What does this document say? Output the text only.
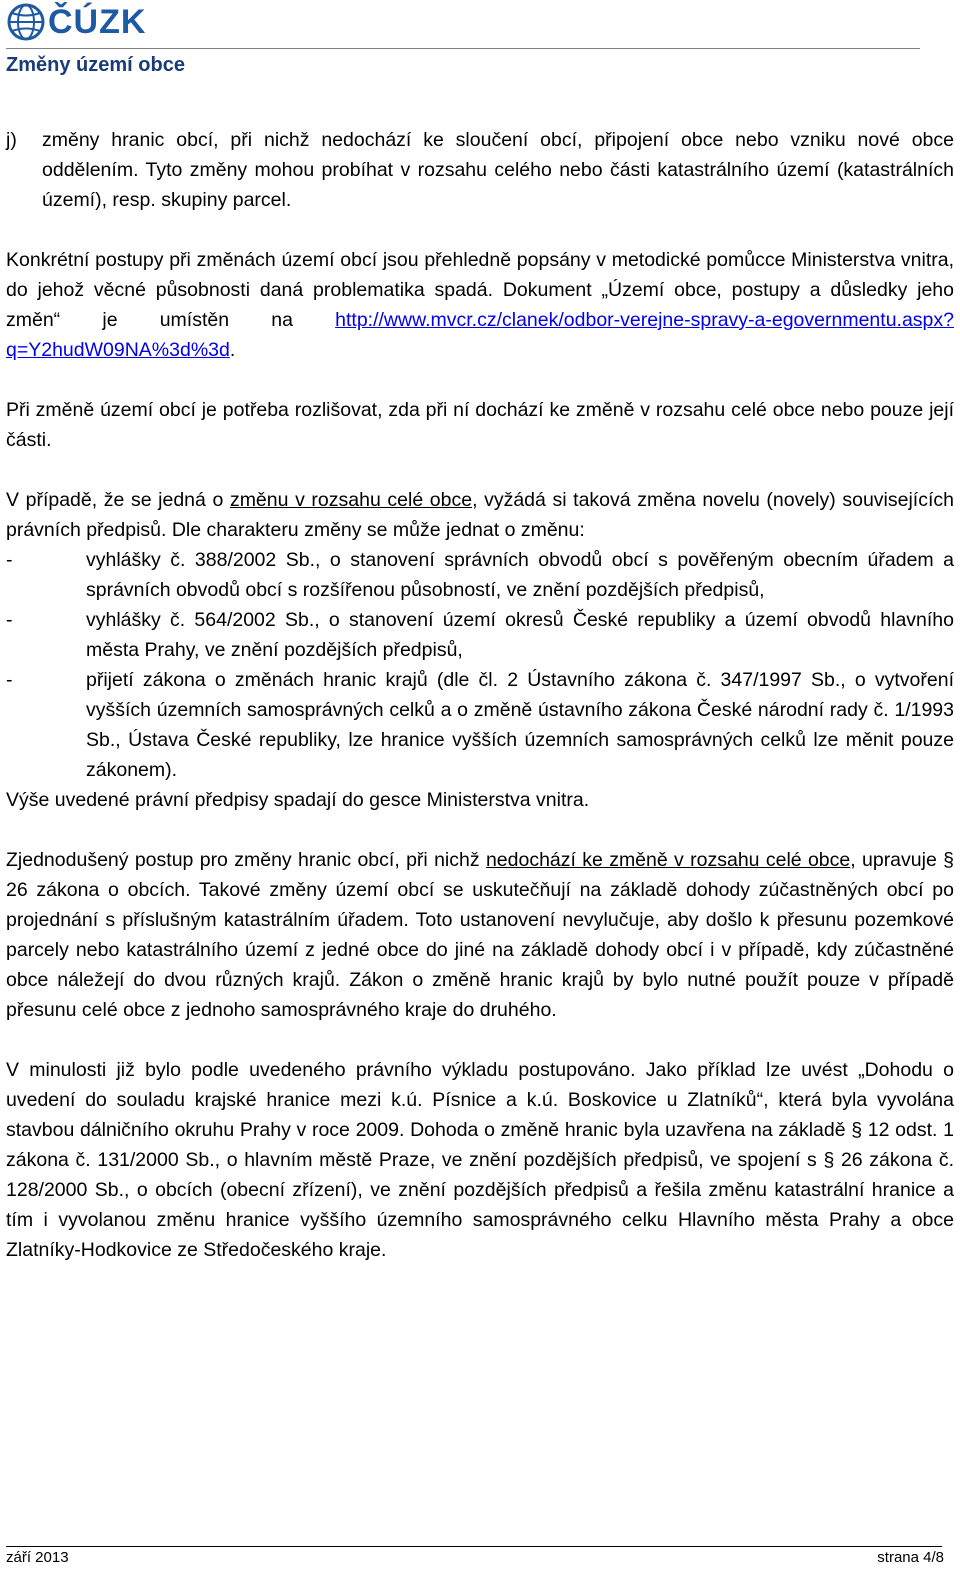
ČÚZK
Změny území obce
j)	změny hranic obcí, při nichž nedochází ke sloučení obcí, připojení obce nebo vzniku nové obce oddělením. Tyto změny mohou probíhat v rozsahu celého nebo části katastrálního území (katastrálních území), resp. skupiny parcel.

Konkrétní postupy při změnách území obcí jsou přehledně popsány v metodické pomůcce Ministerstva vnitra, do jehož věcné působnosti daná problematika spadá. Dokument „Území obce, postupy a důsledky jeho změn“ je umístěn na http://www.mvcr.cz/clanek/odbor-verejne-spravy-a-egovernmentu.aspx?q=Y2hudW09NA%3d%3d.

Při změně území obcí je potřeba rozlišovat, zda při ní dochází ke změně v rozsahu celé obce nebo pouze její části.

V případě, že se jedná o změnu v rozsahu celé obce, vyžádá si taková změna novelu (novely) souvisejících právních předpisů. Dle charakteru změny se může jednat o změnu:

-	vyhlášky č. 388/2002 Sb., o stanovení správních obvodů obcí s pověřeným obecním úřadem a správních obvodů obcí s rozšířenou působností, ve znění pozdějších předpisů,
-	vyhlášky č. 564/2002 Sb., o stanovení území okresů České republiky a území obvodů hlavního města Prahy, ve znění pozdějších předpisů,
-	přijetí zákona o změnách hranic krajů (dle čl. 2 Ústavního zákona č. 347/1997 Sb., o vytvoření vyšších územních samosprávných celků a o změně ústavního zákona České národní rady č. 1/1993 Sb., Ústava České republiky, lze hranice vyšších územních samosprávných celků lze měnit pouze zákonem).

Výše uvedené právní předpisy spadají do gesce Ministerstva vnitra.

Zjednodušený postup pro změny hranic obcí, při nichž nedochází ke změně v rozsahu celé obce, upravuje § 26 zákona o obcích. Takové změny území obcí se uskutečňují na základě dohody zúčastněných obcí po projednání s příslušným katastrálním úřadem. Toto ustanovení nevylučuje, aby došlo k přesunu pozemkové parcely nebo katastrálního území z jedné obce do jiné na základě dohody obcí i v případě, kdy zúčastněné obce náležejí do dvou různých krajů. Zákon o změně hranic krajů by bylo nutné použít pouze v případě přesunu celé obce z jednoho samosprávného kraje do druhého.

V minulosti již bylo podle uvedeného právního výkladu postupováno. Jako příklad lze uvést „Dohodu o uvedení do souladu krajské hranice mezi k.ú. Písnice a k.ú. Boskovice u Zlatníků“, která byla vyvolána stavbou dálničního okruhu Prahy v roce 2009. Dohoda o změně hranic byla uzavřena na základě § 12 odst. 1 zákona č. 131/2000 Sb., o hlavním městě Praze, ve znění pozdějších předpisů, ve spojení s § 26 zákona č. 128/2000 Sb., o obcích (obecní zřízení), ve znění pozdějších předpisů a řešila změnu katastrální hranice a tím i vyvolanou změnu hranice vyššího územního samosprávného celku Hlavního města Prahy a obce Zlatníky-Hodkovice ze Středočeského kraje.

září 2013	strana 4/8
